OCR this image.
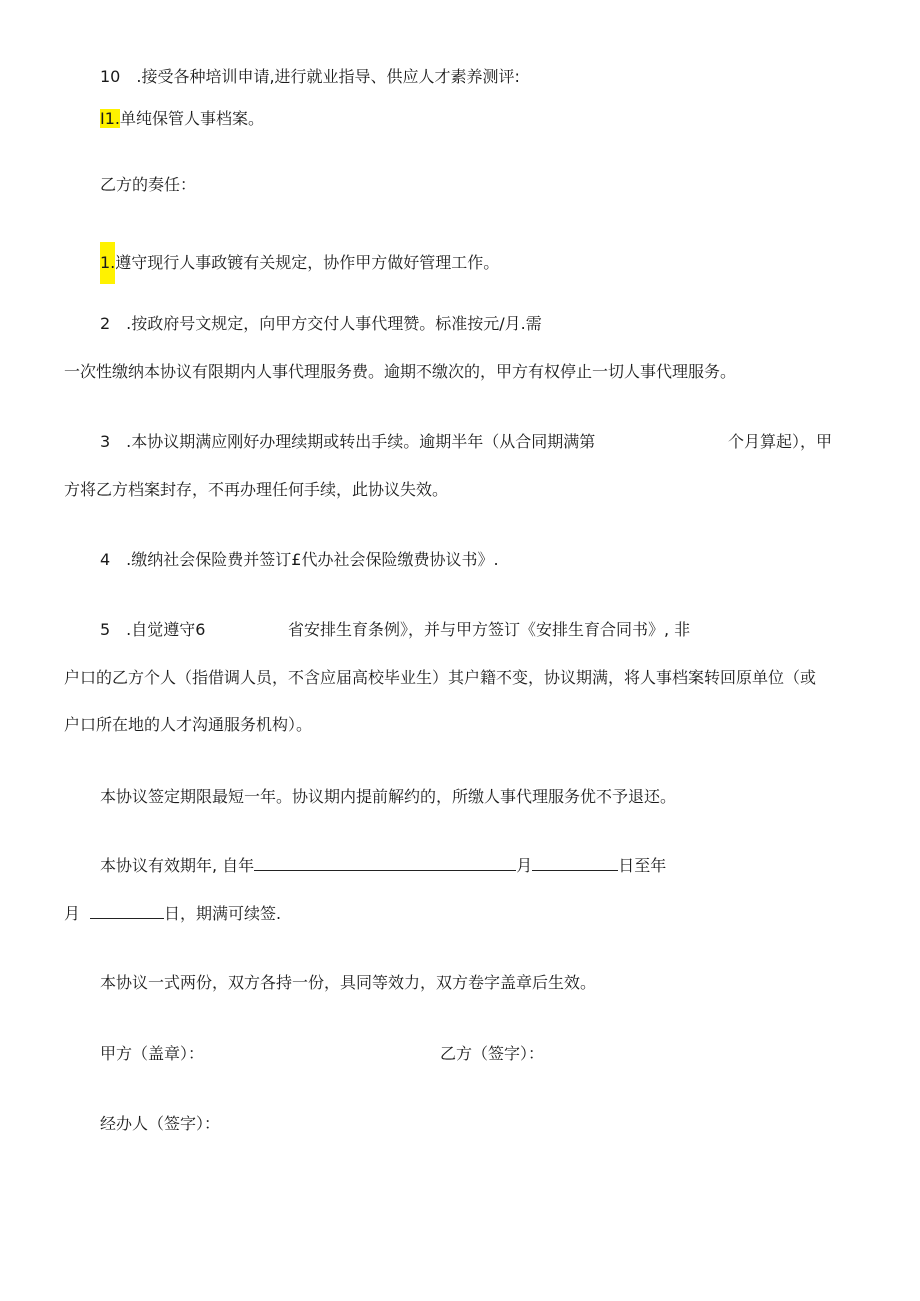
10　.接受各种培训申请,进行就业指导、供应人才素养测评:
I1.单纯保管人事档案。
乙方的奏任：
1.遵守现行人事政镀有关规定，协作甲方做好管理工作。
2　.按政府号文规定，向甲方交付人事代理赞。标准按元/月.需
一次性缴纳本协议有限期内人事代理服务费。逾期不缴次的，甲方有权停止一切人事代理服务。
3　.本协议期满应刚好办理续期或转出手续。逾期半年（从合同期满第	个月算起），甲
方将乙方档案封存，不再办理任何手续，此协议失效。
4　.缴纳社会保险费并签订£代办社会保险缴费协议书》.
5　.自觉遵守6	省安排生育条例》，并与甲方签订《安排生育合同书》, 非
户口的乙方个人（指借调人员，不含应届高校毕业生）其户籍不变，协议期满，将人事档案转回原单位（或
户口所在地的人才沟通服务机构）。
本协议签定期限最短一年。协议期内提前解约的，所缴人事代理服务优不予退还。
本协议有效期年, 自年	月	日至年
月	日，期满可续签.
本协议一式两份，双方各持一份，具同等效力，双方卷字盖章后生效。
甲方（盖章）：	乙方（签字）：
经办人（签字）：
